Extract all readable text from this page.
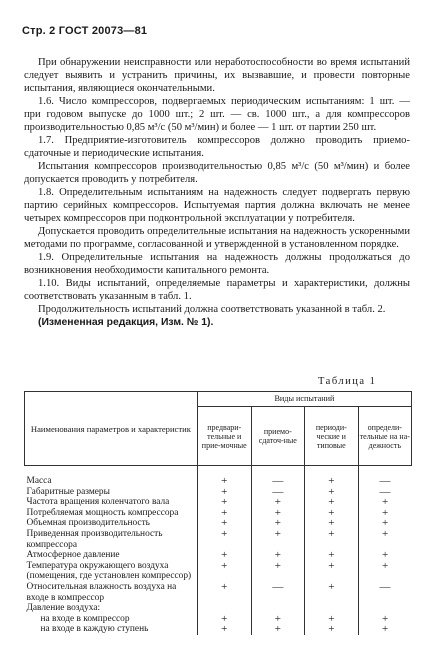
Стр. 2 ГОСТ 20073—81

При обнаружении неисправности или неработоспособности во время испытаний следует выявить и устранить причины, их вызвавшие, и провести повторные испытания, являющиеся окончательными.

1.6. Число компрессоров, подвергаемых периодическим испытаниям: 1 шт. — при годовом выпуске до 1000 шт.; 2 шт. — св. 1000 шт., а для компрессоров производительностью 0,85 м³/с (50 м³/мин) и более — 1 шт. от партии 250 шт.

1.7. Предприятие-изготовитель компрессоров должно проводить приемо-сдаточные и периодические испытания.

Испытания компрессоров производительностью 0,85 м³/с (50 м³/мин) и более допускается проводить у потребителя.

1.8. Определительным испытаниям на надежность следует подвергать первую партию серийных компрессоров. Испытуемая партия должна включать не менее четырех компрессоров при подконтрольной эксплуатации у потребителя.

Допускается проводить определительные испытания на надежность ускоренными методами по программе, согласованной и утвержденной в установленном порядке.

1.9. Определительные испытания на надежность должны продолжаться до возникновения необходимости капитального ремонта.

1.10. Виды испытаний, определяемые параметры и характеристики, должны соответствовать указанным в табл. 1.

Продолжительность испытаний должна соответствовать указанной в табл. 2.

(Измененная редакция, Изм. № 1).

Таблица 1
Наименования параметров и характеристик	Виды испытаний			
	предвари-тельные и прие-мочные	приемо-сдаточ-ные	периоди-ческие и типовые	определи-тельные на на-дежность

Масса	+	—	+	—
Габаритные размеры	+	—	+	—
Частота вращения коленчатого вала	+	+	+	+
Потребляемая мощность компрессора	+	+	+	+
Объемная производительность	+	+	+	+
Приведенная производительность компрессора	+	+	+	+
Атмосферное давление	+	+	+	+
Температура окружающего воздуха (помещения, где установлен компрессор)	+	+	+	+
Относительная влажность воздуха на входе в компрессор	+	—	+	—
Давление воздуха:				
на входе в компрессор	+	+	+	+
на входе в каждую ступень	+	+	+	+
